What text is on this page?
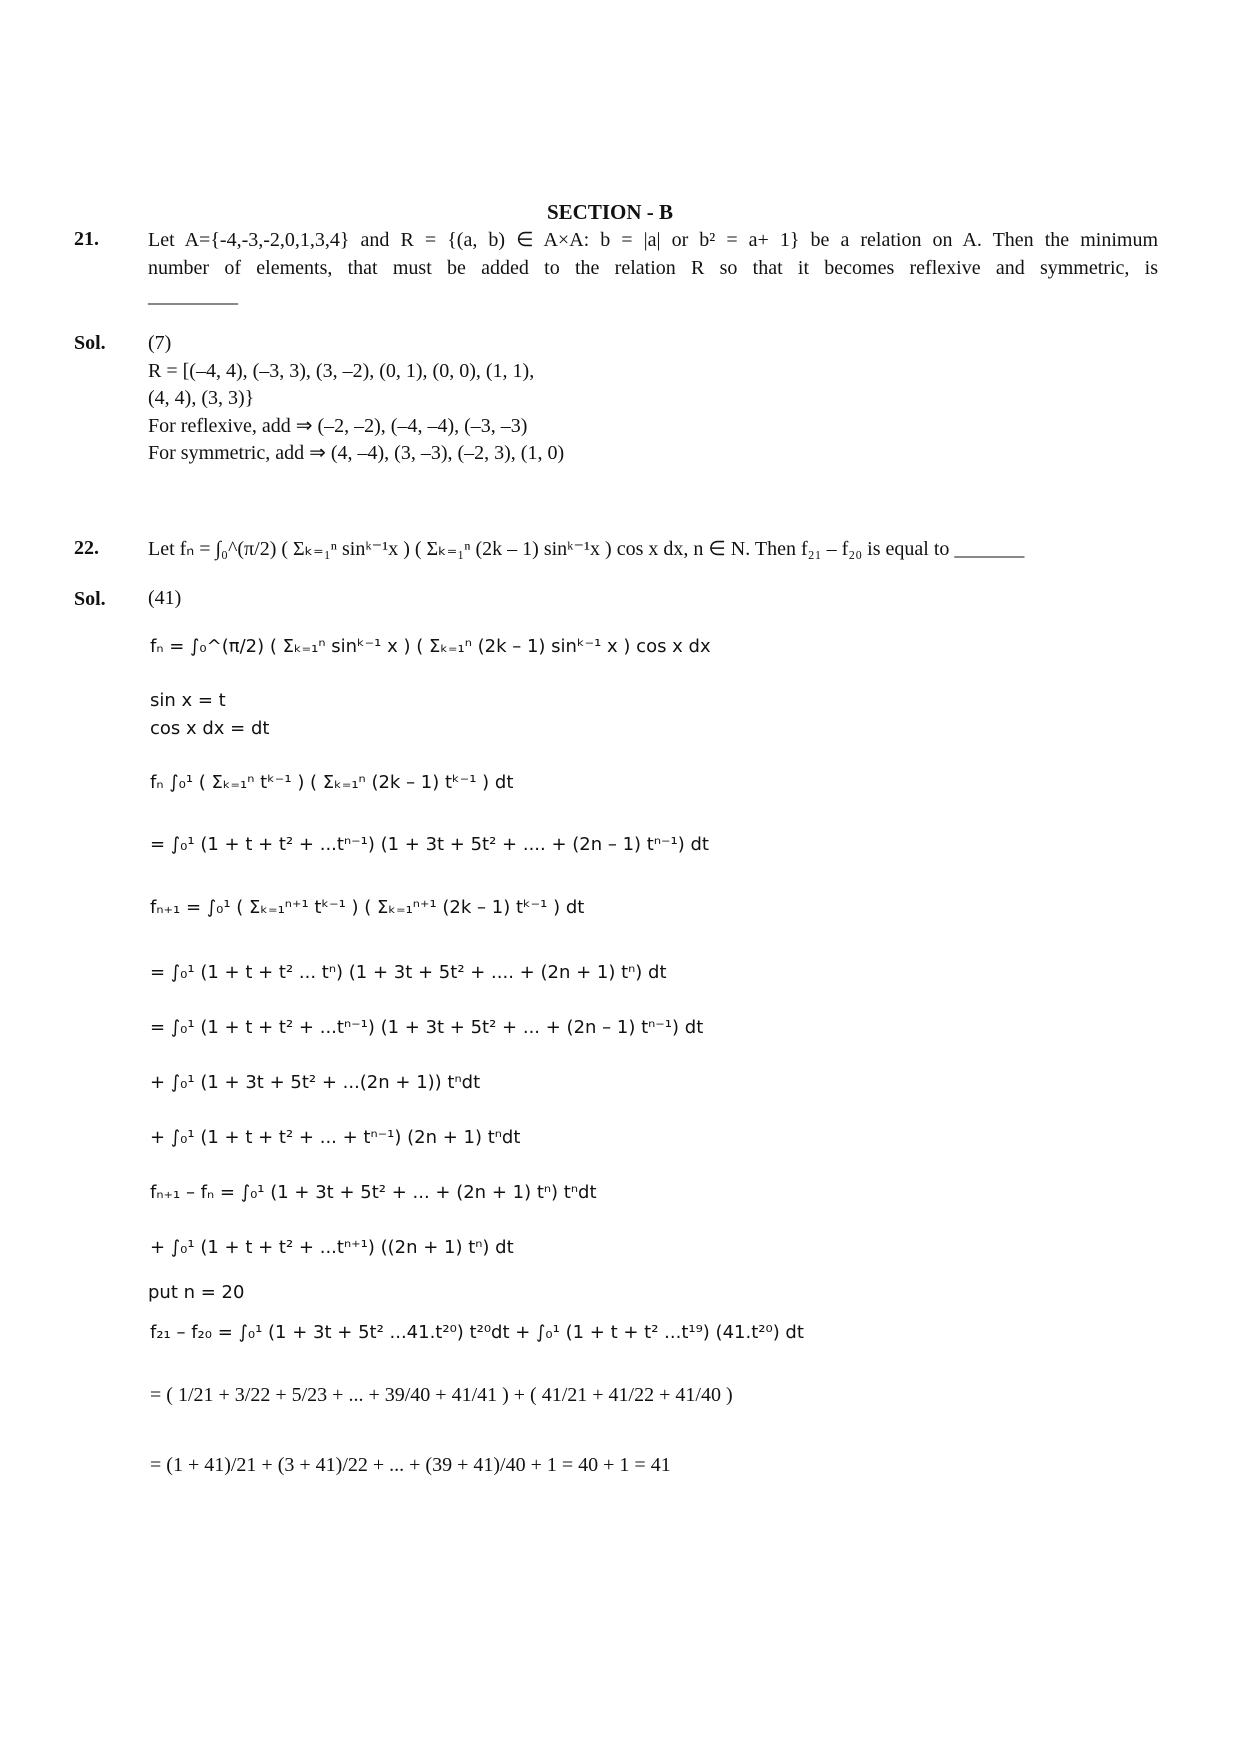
SECTION - B
21. Let A={-4,-3,-2,0,1,3,4} and R = {(a, b) ∈ A×A: b = |a| or b² = a+ 1} be a relation on A. Then the minimum
number of elements, that must be added to the relation R so that it becomes reflexive and symmetric, is
_________
Sol. (7)
R = [(–4, 4), (–3, 3), (3, –2), (0, 1), (0, 0), (1, 1),
(4, 4), (3, 3)}
For reflexive, add ⇒ (–2, –2), (–4, –4), (–3, –3)
For symmetric, add ⇒ (4, –4), (3, –3), (–2, 3), (1, 0)
22. Let fₙ = ∫₀^(π/2) ( Σₖ₌₁ⁿ sinᵏ⁻¹x ) ( Σₖ₌₁ⁿ (2k – 1) sinᵏ⁻¹x ) cos x dx, n ∈ N. Then f₂₁ – f₂₀ is equal to _______
Sol. (41)
fₙ = ∫₀^(π/2) ( Σₖ₌₁ⁿ sinᵏ⁻¹ x ) ( Σₖ₌₁ⁿ (2k – 1) sinᵏ⁻¹ x ) cos x dx
sin x = t
cos x dx = dt
fₙ ∫₀¹ ( Σₖ₌₁ⁿ tᵏ⁻¹ ) ( Σₖ₌₁ⁿ (2k – 1) tᵏ⁻¹ ) dt
= ∫₀¹ (1 + t + t² + ...tⁿ⁻¹) (1 + 3t + 5t² + .... + (2n – 1) tⁿ⁻¹) dt
fₙ₊₁ = ∫₀¹ ( Σₖ₌₁ⁿ⁺¹ tᵏ⁻¹ ) ( Σₖ₌₁ⁿ⁺¹ (2k – 1) tᵏ⁻¹ ) dt
= ∫₀¹ (1 + t + t² ... tⁿ) (1 + 3t + 5t² + .... + (2n + 1) tⁿ) dt
= ∫₀¹ (1 + t + t² + ...tⁿ⁻¹) (1 + 3t + 5t² + ... + (2n – 1) tⁿ⁻¹) dt
+ ∫₀¹ (1 + 3t + 5t² + ...(2n + 1)) tⁿdt
+ ∫₀¹ (1 + t + t² + ... + tⁿ⁻¹) (2n + 1) tⁿdt
fₙ₊₁ – fₙ = ∫₀¹ (1 + 3t + 5t² + ... + (2n + 1) tⁿ) tⁿdt
+ ∫₀¹ (1 + t + t² + ...tⁿ⁺¹) ((2n + 1) tⁿ) dt
put n = 20
f₂₁ – f₂₀ = ∫₀¹ (1 + 3t + 5t² ...41.t²⁰) t²⁰dt + ∫₀¹ (1 + t + t² ...t¹⁹) (41.t²⁰) dt
= ( 1/21 + 3/22 + 5/23 + ... + 39/40 + 41/41 ) + ( 41/21 + 41/22 + 41/40 )
= (1 + 41)/21 + (3 + 41)/22 + ... + (39 + 41)/40 + 1 = 40 + 1 = 41
